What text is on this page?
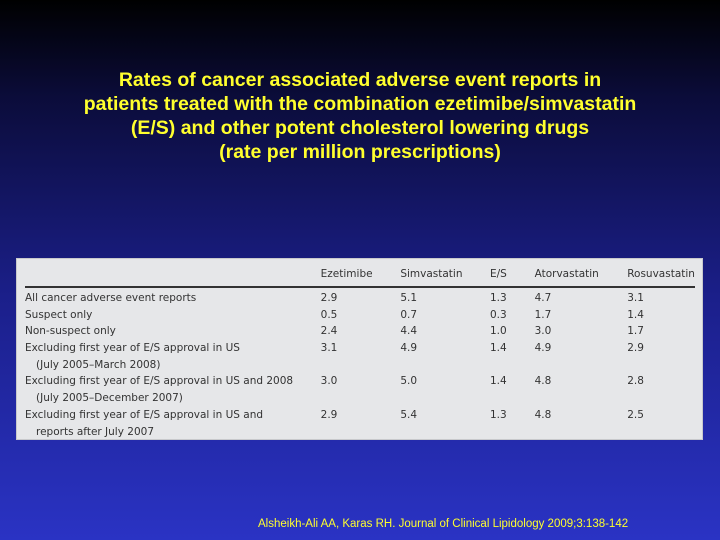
Rates of cancer associated adverse event reports in
patients treated with the combination ezetimibe/simvastatin
(E/S) and other potent cholesterol lowering drugs
(rate per million prescriptions)
	Ezetimibe	Simvastatin	E/S	Atorvastatin	Rosuvastatin
All cancer adverse event reports	2.9	5.1	1.3	4.7	3.1
Suspect only	0.5	0.7	0.3	1.7	1.4
Non-suspect only	2.4	4.4	1.0	3.0	1.7
Excluding first year of E/S approval in US	3.1	4.9	1.4	4.9	2.9
(July 2005–March 2008)					
Excluding first year of E/S approval in US and 2008	3.0	5.0	1.4	4.8	2.8
(July 2005–December 2007)					
Excluding first year of E/S approval in US and	2.9	5.4	1.3	4.8	2.5
reports after July 2007					
Alsheikh-Ali AA, Karas RH. Journal of Clinical Lipidology 2009;3:138-142
